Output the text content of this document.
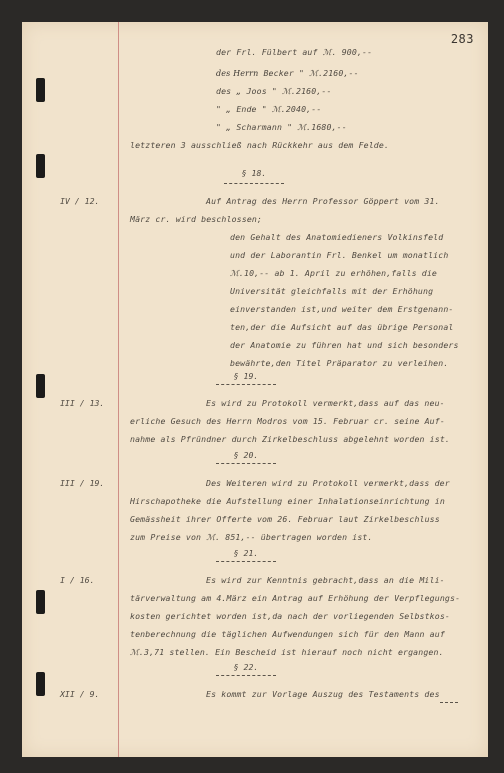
283
der Frl. Fülbert auf ℳ. 900,--
des Herrn Becker " ℳ.2160,--
des „ Joos " ℳ.2160,--
" „ Ende " ℳ.2040,--
" „ Scharmann " ℳ.1680,--
letzteren 3 ausschließ nach Rückkehr aus dem Felde.
§ 18.
IV / 12.	Auf Antrag des Herrn Professor Göppert vom 31.
März cr. wird beschlossen;
den Gehalt des Anatomiedieners Volkinsfeld
und der Laborantin Frl. Benkel um monatlich
ℳ.10,-- ab 1. April zu erhöhen,falls die
Universität gleichfalls mit der Erhöhung
einverstanden ist,und weiter dem Erstgenann-
ten,der die Aufsicht auf das übrige Personal
der Anatomie zu führen hat und sich besonders
bewährte,den Titel Präparator zu verleihen.
§ 19.
III / 13.	Es wird zu Protokoll vermerkt,dass auf das neu-
erliche Gesuch des Herrn Modros vom 15. Februar cr. seine Auf-
nahme als Pfründner durch Zirkelbeschluss abgelehnt worden ist.
§ 20.
III / 19.	Des Weiteren wird zu Protokoll vermerkt,dass der
Hirschapotheke die Aufstellung einer Inhalationseinrichtung in
Gemässheit ihrer Offerte vom 26. Februar laut Zirkelbeschluss
zum Preise von ℳ. 851,-- übertragen worden ist.
§ 21.
I / 16.	Es wird zur Kenntnis gebracht,dass an die Mili-
tärverwaltung am 4.März ein Antrag auf Erhöhung der Verpflegungs-
kosten gerichtet worden ist,da nach der vorliegenden Selbstkos-
tenberechnung die täglichen Aufwendungen sich für den Mann auf
ℳ.3,71 stellen. Ein Bescheid ist hierauf noch nicht ergangen.
§ 22.
XII / 9.	Es kommt zur Vorlage Auszug des Testaments des
